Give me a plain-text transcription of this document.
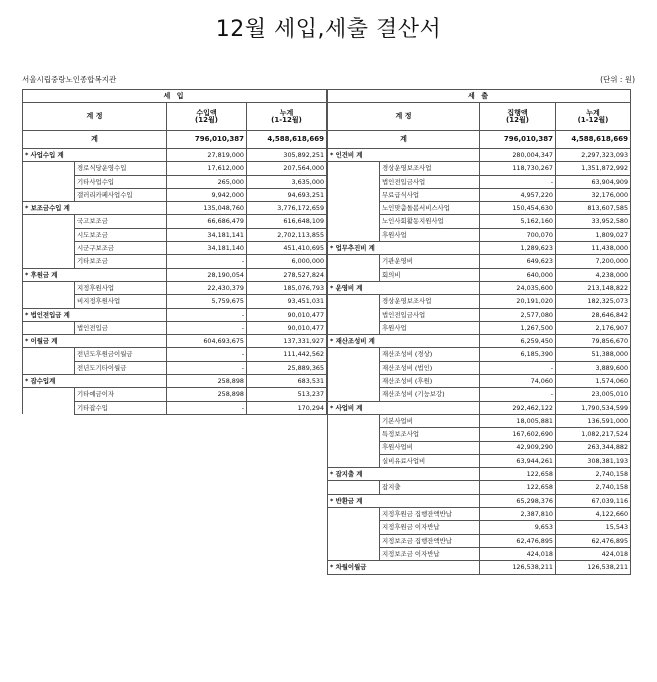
12월 세입,세출 결산서
서울시립중랑노인종합복지관	(단위 : 원)
세 입			
계 정		수입액
(12월)	누계
(1-12월)
계		796,010,387	4,588,618,669
* 사업수입 계		27,819,000	305,892,251
	경로식당운영수입	17,612,000	207,564,000
	기타사업수입	265,000	3,635,000
	갤러리카페사업수입	9,942,000	94,693,251
* 보조금수입 계		135,048,760	3,776,172,659
	국고보조금	66,686,479	616,648,109
	시도보조금	34,181,141	2,702,113,855
	시군구보조금	34,181,140	451,410,695
	기타보조금	-	6,000,000
* 후원금 계		28,190,054	278,527,824
	지정후원사업	22,430,379	185,076,793
	비지정후원사업	5,759,675	93,451,031
* 법인전입금 계		-	90,010,477
	법인전입금	-	90,010,477
* 이월금 계		604,693,675	137,331,927
	전년도후원금이월금	-	111,442,562
	전년도기타이월금	-	25,889,365
* 잡수입계		258,898	683,531
	기타예금이자	258,898	513,237
	기타잡수입	-	170,294
세 출			
계 정		집행액
(12월)	누계
(1-12월)
계		796,010,387	4,588,618,669
* 인건비 계		280,004,347	2,297,323,093
	경상운영보조사업	118,730,267	1,351,872,992
	법인전입금사업	-	63,904,909
	무료급식사업	4,957,220	32,176,000
	노인맞춤돌봄서비스사업	150,454,630	813,607,585
	노인사회활동지원사업	5,162,160	33,952,580
	후원사업	700,070	1,809,027
* 업무추진비 계		1,289,623	11,438,000
	기관운영비	649,623	7,200,000
	회의비	640,000	4,238,000
* 운영비 계		24,035,600	213,148,822
	경상운영보조사업	20,191,020	182,325,073
	법인전입금사업	2,577,080	28,646,842
	후원사업	1,267,500	2,176,907
* 재산조성비 계		6,259,450	79,856,670
	재산조성비 (경상)	6,185,390	51,388,000
	재산조성비 (법인)	-	3,889,600
	재산조성비 (후원)	74,060	1,574,060
	재산조성비 (기능보강)	-	23,005,010
* 사업비 계		292,462,122	1,790,534,599
	기본사업비	18,005,881	136,591,000
	특정보조사업	167,602,690	1,082,217,524
	후원사업비	42,909,290	263,344,882
	실비유료사업비	63,944,261	308,381,193
* 잡지출 계		122,658	2,740,158
	잡지출	122,658	2,740,158
* 반환금 계		65,298,376	67,039,116
	지정후원금 집행잔액반납	2,387,810	4,122,660
	지정후원금 이자반납	9,653	15,543
	지정보조금 집행잔액반납	62,476,895	62,476,895
	지정보조금 이자반납	424,018	424,018
* 차월이월금		126,538,211	126,538,211
